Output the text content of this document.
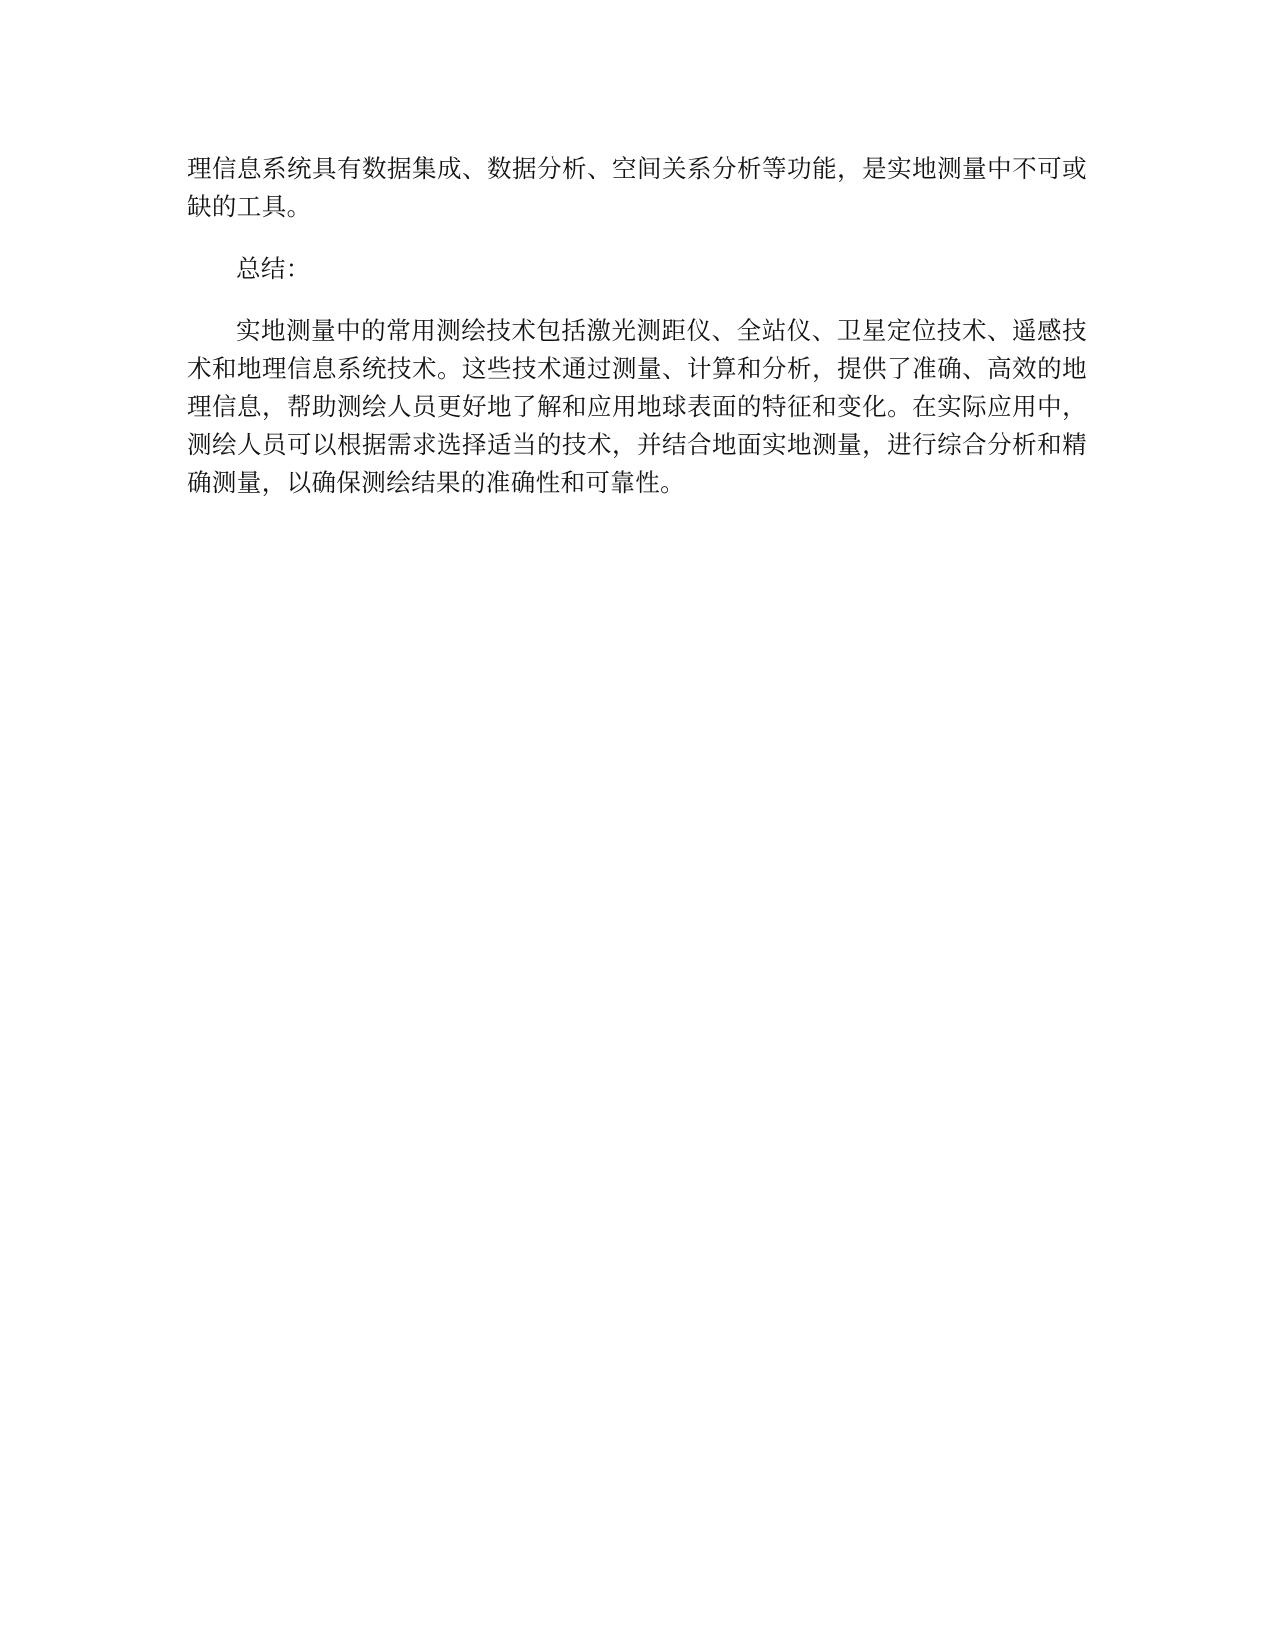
理信息系统具有数据集成、数据分析、空间关系分析等功能，是实地测量中不可或缺的工具。

总结：

实地测量中的常用测绘技术包括激光测距仪、全站仪、卫星定位技术、遥感技术和地理信息系统技术。这些技术通过测量、计算和分析，提供了准确、高效的地理信息，帮助测绘人员更好地了解和应用地球表面的特征和变化。在实际应用中，测绘人员可以根据需求选择适当的技术，并结合地面实地测量，进行综合分析和精确测量，以确保测绘结果的准确性和可靠性。
